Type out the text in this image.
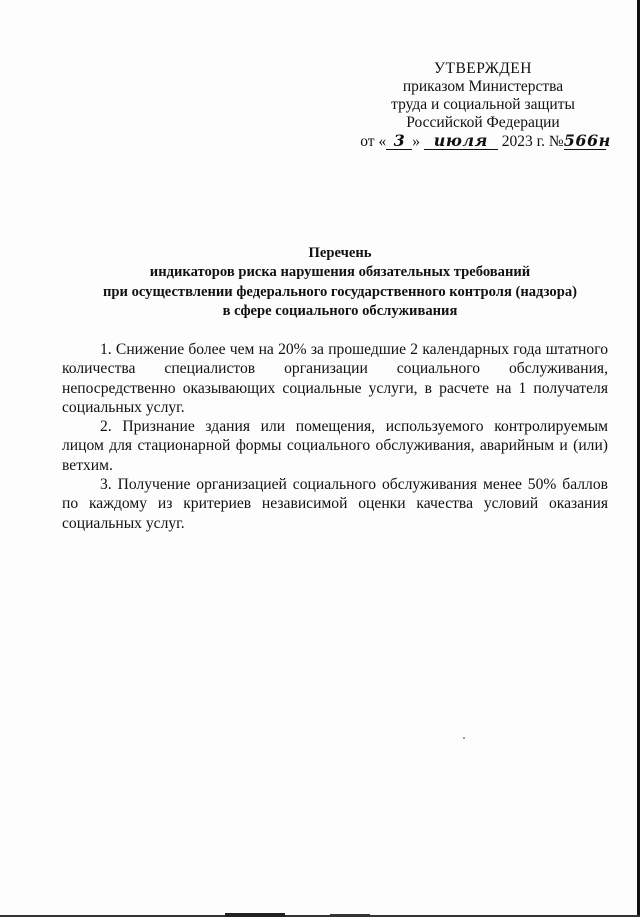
УТВЕРЖДЕН
приказом Министерства
труда и социальной защиты
Российской Федерации
от « 3 » июля 2023 г. №566н
Перечень
индикаторов риска нарушения обязательных требований
при осуществлении федерального государственного контроля (надзора)
в сфере социального обслуживания

1. Снижение более чем на 20% за прошедшие 2 календарных года штатного количества специалистов организации социального обслуживания, непосредственно оказывающих социальные услуги, в расчете на 1 получателя социальных услуг.

2. Признание здания или помещения, используемого контролируемым лицом для стационарной формы социального обслуживания, аварийным и (или) ветхим.

3. Получение организацией социального обслуживания менее 50% баллов по каждому из критериев независимой оценки качества условий оказания социальных услуг.
